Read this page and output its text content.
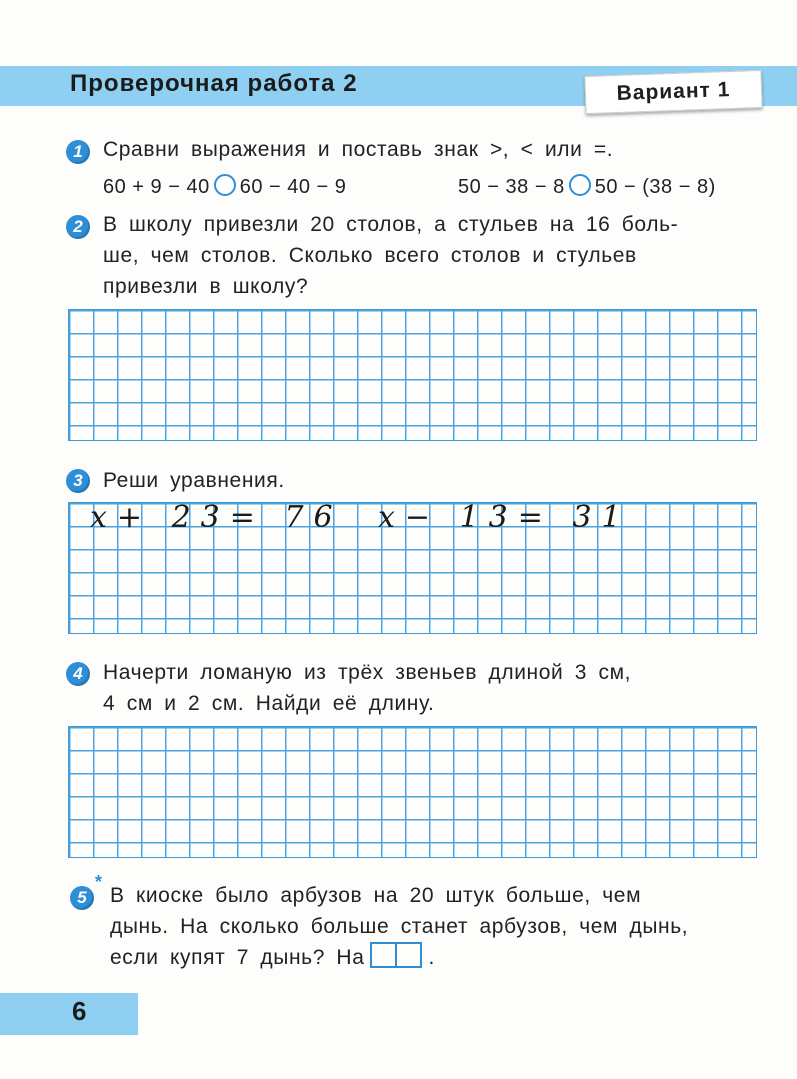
Проверочная работа 2	Вариант 1
1 Сравни выражения и поставь знак >, < или =.
60 + 9 − 40 60 − 40 − 9	50 − 38 − 8 50 − (38 − 8)
2 В школу привезли 20 столов, а стульев на 16 боль-
ше, чем столов. Сколько всего столов и стульев
привезли в школу?
3 Реши уравнения.
x+ 23= 76 x− 13= 31
4 Начерти ломаную из трёх звеньев длиной 3 см,
4 см и 2 см. Найди её длину.
5
*
В киоске было арбузов на 20 штук больше, чем
дынь. На сколько больше станет арбузов, чем дынь,
если купят 7 дынь? На	.
6
